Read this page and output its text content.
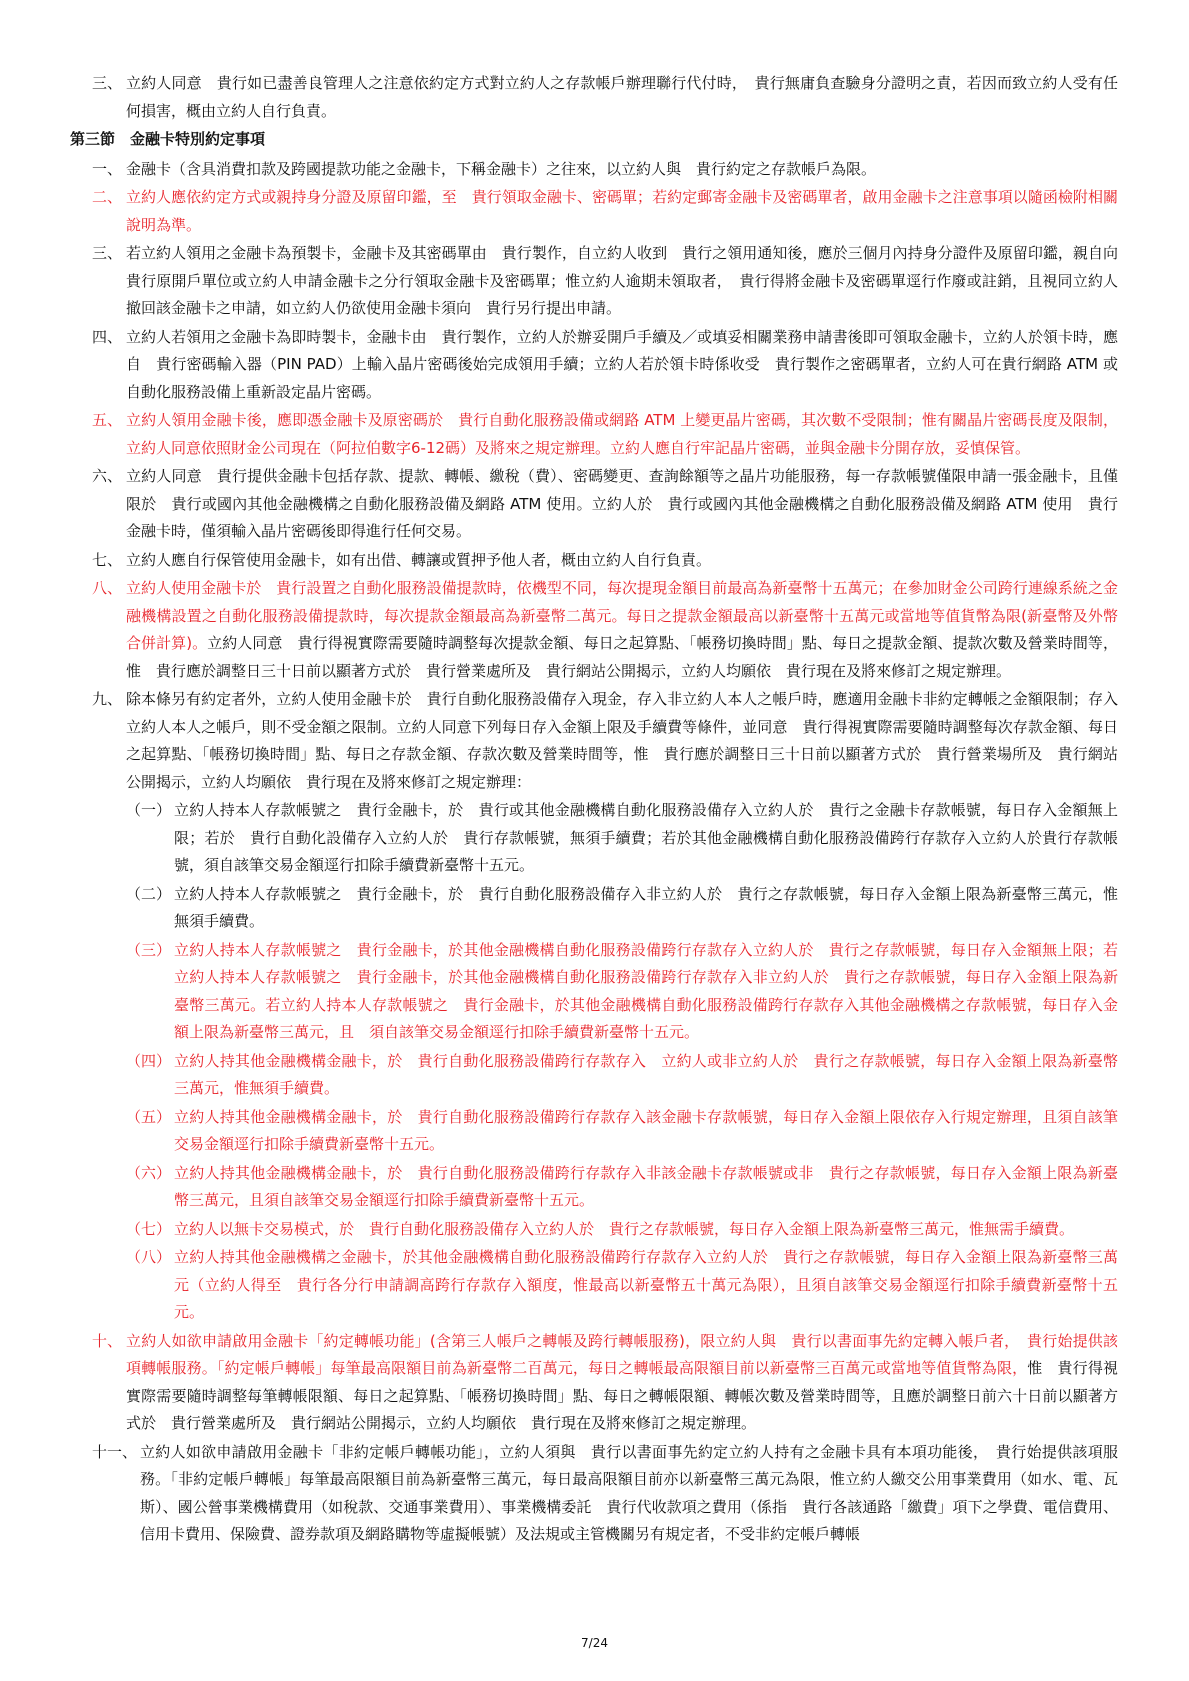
三、 立約人同意　貴行如已盡善良管理人之注意依約定方式對立約人之存款帳戶辦理聯行代付時，　貴行無庸負查驗身分證明之責，若因而致立約人受有任何損害，概由立約人自行負責。
第三節　金融卡特別約定事項
一、 金融卡（含具消費扣款及跨國提款功能之金融卡，下稱金融卡）之往來，以立約人與　貴行約定之存款帳戶為限。
二、 立約人應依約定方式或親持身分證及原留印鑑，至　貴行領取金融卡、密碼單；若約定郵寄金融卡及密碼單者，啟用金融卡之注意事項以隨函檢附相關說明為準。
三、 若立約人領用之金融卡為預製卡，金融卡及其密碼單由　貴行製作，自立約人收到　貴行之領用通知後，應於三個月內持身分證件及原留印鑑，親自向　貴行原開戶單位或立約人申請金融卡之分行領取金融卡及密碼單；惟立約人逾期未領取者，　貴行得將金融卡及密碼單逕行作廢或註銷，且視同立約人撤回該金融卡之申請，如立約人仍欲使用金融卡須向　貴行另行提出申請。
四、 立約人若領用之金融卡為即時製卡，金融卡由　貴行製作，立約人於辦妥開戶手續及／或填妥相關業務申請書後即可領取金融卡，立約人於領卡時，應自　貴行密碼輸入器（PIN PAD）上輸入晶片密碼後始完成領用手續；立約人若於領卡時係收受　貴行製作之密碼單者，立約人可在貴行網路 ATM 或自動化服務設備上重新設定晶片密碼。
五、 立約人領用金融卡後，應即憑金融卡及原密碼於　貴行自動化服務設備或網路 ATM 上變更晶片密碼，其次數不受限制；惟有關晶片密碼長度及限制，立約人同意依照財金公司現在（阿拉伯數字6-12碼）及將來之規定辦理。立約人應自行牢記晶片密碼，並與金融卡分開存放，妥慎保管。
六、 立約人同意　貴行提供金融卡包括存款、提款、轉帳、繳稅（費）、密碼變更、查詢餘額等之晶片功能服務，每一存款帳號僅限申請一張金融卡，且僅限於　貴行或國內其他金融機構之自動化服務設備及網路 ATM 使用。立約人於　貴行或國內其他金融機構之自動化服務設備及網路 ATM 使用　貴行金融卡時，僅須輸入晶片密碼後即得進行任何交易。
七、 立約人應自行保管使用金融卡，如有出借、轉讓或質押予他人者，概由立約人自行負責。
八、 立約人使用金融卡於　貴行設置之自動化服務設備提款時，依機型不同，每次提現金額目前最高為新臺幣十五萬元；在參加財金公司跨行連線系統之金融機構設置之自動化服務設備提款時，每次提款金額最高為新臺幣二萬元。每日之提款金額最高以新臺幣十五萬元或當地等值貨幣為限(新臺幣及外幣合併計算)。立約人同意　貴行得視實際需要隨時調整每次提款金額、每日之起算點、「帳務切換時間」點、每日之提款金額、提款次數及營業時間等，惟　貴行應於調整日三十日前以顯著方式於　貴行營業處所及　貴行網站公開揭示，立約人均願依　貴行現在及將來修訂之規定辦理。
九、 除本條另有約定者外，立約人使用金融卡於　貴行自動化服務設備存入現金，存入非立約人本人之帳戶時，應適用金融卡非約定轉帳之金額限制；存入立約人本人之帳戶，則不受金額之限制。立約人同意下列每日存入金額上限及手續費等條件，並同意　貴行得視實際需要隨時調整每次存款金額、每日之起算點、「帳務切換時間」點、每日之存款金額、存款次數及營業時間等，惟　貴行應於調整日三十日前以顯著方式於　貴行營業場所及　貴行網站公開揭示，立約人均願依　貴行現在及將來修訂之規定辦理：
（一） 立約人持本人存款帳號之　貴行金融卡，於　貴行或其他金融機構自動化服務設備存入立約人於　貴行之金融卡存款帳號，每日存入金額無上限；若於　貴行自動化設備存入立約人於　貴行存款帳號，無須手續費；若於其他金融機構自動化服務設備跨行存款存入立約人於貴行存款帳號，須自該筆交易金額逕行扣除手續費新臺幣十五元。
（二） 立約人持本人存款帳號之　貴行金融卡，於　貴行自動化服務設備存入非立約人於　貴行之存款帳號，每日存入金額上限為新臺幣三萬元，惟無須手續費。
（三） 立約人持本人存款帳號之　貴行金融卡，於其他金融機構自動化服務設備跨行存款存入立約人於　貴行之存款帳號，每日存入金額無上限；若立約人持本人存款帳號之　貴行金融卡，於其他金融機構自動化服務設備跨行存款存入非立約人於　貴行之存款帳號，每日存入金額上限為新臺幣三萬元。若立約人持本人存款帳號之　貴行金融卡，於其他金融機構自動化服務設備跨行存款存入其他金融機構之存款帳號，每日存入金額上限為新臺幣三萬元，且　須自該筆交易金額逕行扣除手續費新臺幣十五元。
（四） 立約人持其他金融機構金融卡，於　貴行自動化服務設備跨行存款存入　立約人或非立約人於　貴行之存款帳號，每日存入金額上限為新臺幣三萬元，惟無須手續費。
（五） 立約人持其他金融機構金融卡，於　貴行自動化服務設備跨行存款存入該金融卡存款帳號，每日存入金額上限依存入行規定辦理，且須自該筆交易金額逕行扣除手續費新臺幣十五元。
（六） 立約人持其他金融機構金融卡，於　貴行自動化服務設備跨行存款存入非該金融卡存款帳號或非　貴行之存款帳號，每日存入金額上限為新臺幣三萬元，且須自該筆交易金額逕行扣除手續費新臺幣十五元。
（七） 立約人以無卡交易模式，於　貴行自動化服務設備存入立約人於　貴行之存款帳號，每日存入金額上限為新臺幣三萬元，惟無需手續費。
（八） 立約人持其他金融機構之金融卡，於其他金融機構自動化服務設備跨行存款存入立約人於　貴行之存款帳號，每日存入金額上限為新臺幣三萬元（立約人得至　貴行各分行申請調高跨行存款存入額度，惟最高以新臺幣五十萬元為限），且須自該筆交易金額逕行扣除手續費新臺幣十五元。
十、 立約人如欲申請啟用金融卡「約定轉帳功能」(含第三人帳戶之轉帳及跨行轉帳服務)，限立約人與　貴行以書面事先約定轉入帳戶者，　貴行始提供該項轉帳服務。「約定帳戶轉帳」每筆最高限額目前為新臺幣二百萬元，每日之轉帳最高限額目前以新臺幣三百萬元或當地等值貨幣為限，惟　貴行得視實際需要隨時調整每筆轉帳限額、每日之起算點、「帳務切換時間」點、每日之轉帳限額、轉帳次數及營業時間等，且應於調整日前六十日前以顯著方式於　貴行營業處所及　貴行網站公開揭示，立約人均願依　貴行現在及將來修訂之規定辦理。
十一、 立約人如欲申請啟用金融卡「非約定帳戶轉帳功能」，立約人須與　貴行以書面事先約定立約人持有之金融卡具有本項功能後，　貴行始提供該項服務。「非約定帳戶轉帳」每筆最高限額目前為新臺幣三萬元，每日最高限額目前亦以新臺幣三萬元為限，惟立約人繳交公用事業費用（如水、電、瓦斯）、國公營事業機構費用（如稅款、交通事業費用）、事業機構委託　貴行代收款項之費用（係指　貴行各該通路「繳費」項下之學費、電信費用、信用卡費用、保險費、證券款項及網路購物等虛擬帳號）及法規或主管機關另有規定者，不受非約定帳戶轉帳
7/24
